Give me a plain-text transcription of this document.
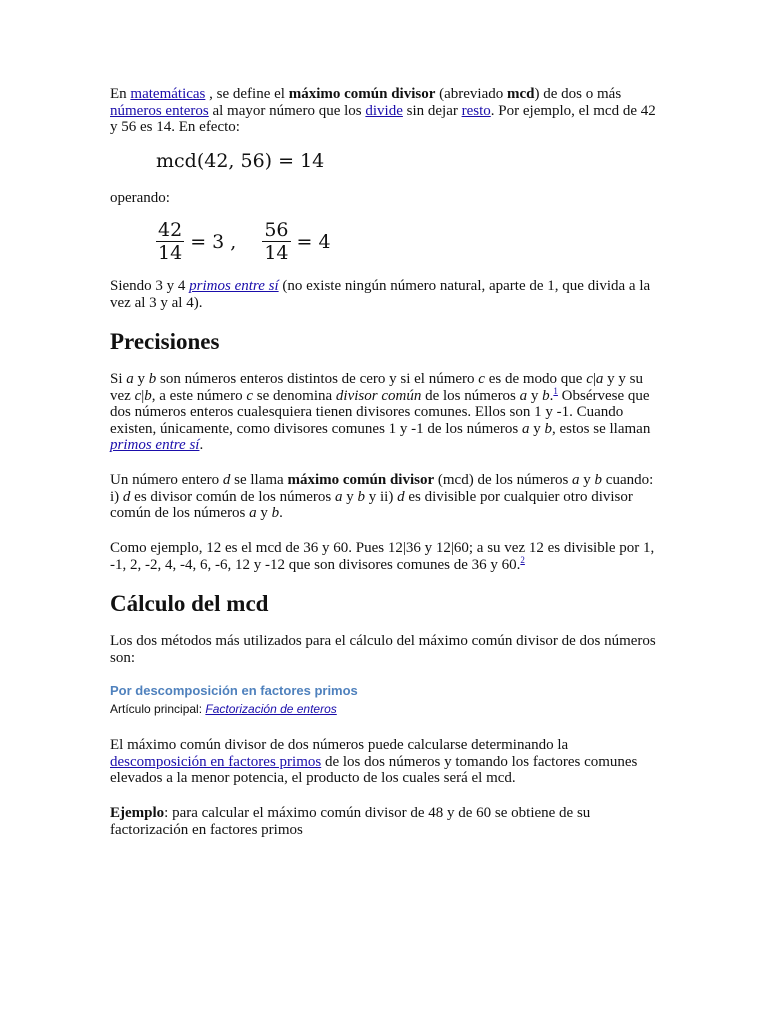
En matemáticas , se define el máximo común divisor (abreviado mcd) de dos o más números enteros al mayor número que los divide sin dejar resto. Por ejemplo, el mcd de 42 y 56 es 14. En efecto:

mcd(42, 56) = 14

operando:

$\frac{42}{14} = 3$ , $\frac{56}{14} = 4$

Siendo 3 y 4 primos entre sí (no existe ningún número natural, aparte de 1, que divida a la vez al 3 y al 4).

Precisiones

Si a y b son números enteros distintos de cero y si el número c es de modo que c|a y y su vez c|b, a este número c se denomina divisor común de los números a y b.$^1$ Obsérvese que dos números enteros cualesquiera tienen divisores comunes. Ellos son 1 y -1. Cuando existen, únicamente, como divisores comunes 1 y -1 de los números a y b, estos se llaman primos entre sí.

Un número entero d se llama máximo común divisor (mcd) de los números a y b cuando: i) d es divisor común de los números a y b y ii) d es divisible por cualquier otro divisor común de los números a y b.

Como ejemplo, 12 es el mcd de 36 y 60. Pues 12|36 y 12|60; a su vez 12 es divisible por 1, -1, 2, -2, 4, -4, 6, -6, 12 y -12 que son divisores comunes de 36 y 60.$^2$

Cálculo del mcd

Los dos métodos más utilizados para el cálculo del máximo común divisor de dos números son:

Por descomposición en factores primos
Artículo principal: Factorización de enteros

El máximo común divisor de dos números puede calcularse determinando la descomposición en factores primos de los dos números y tomando los factores comunes elevados a la menor potencia, el producto de los cuales será el mcd.

Ejemplo: para calcular el máximo común divisor de 48 y de 60 se obtiene de su factorización en factores primos
